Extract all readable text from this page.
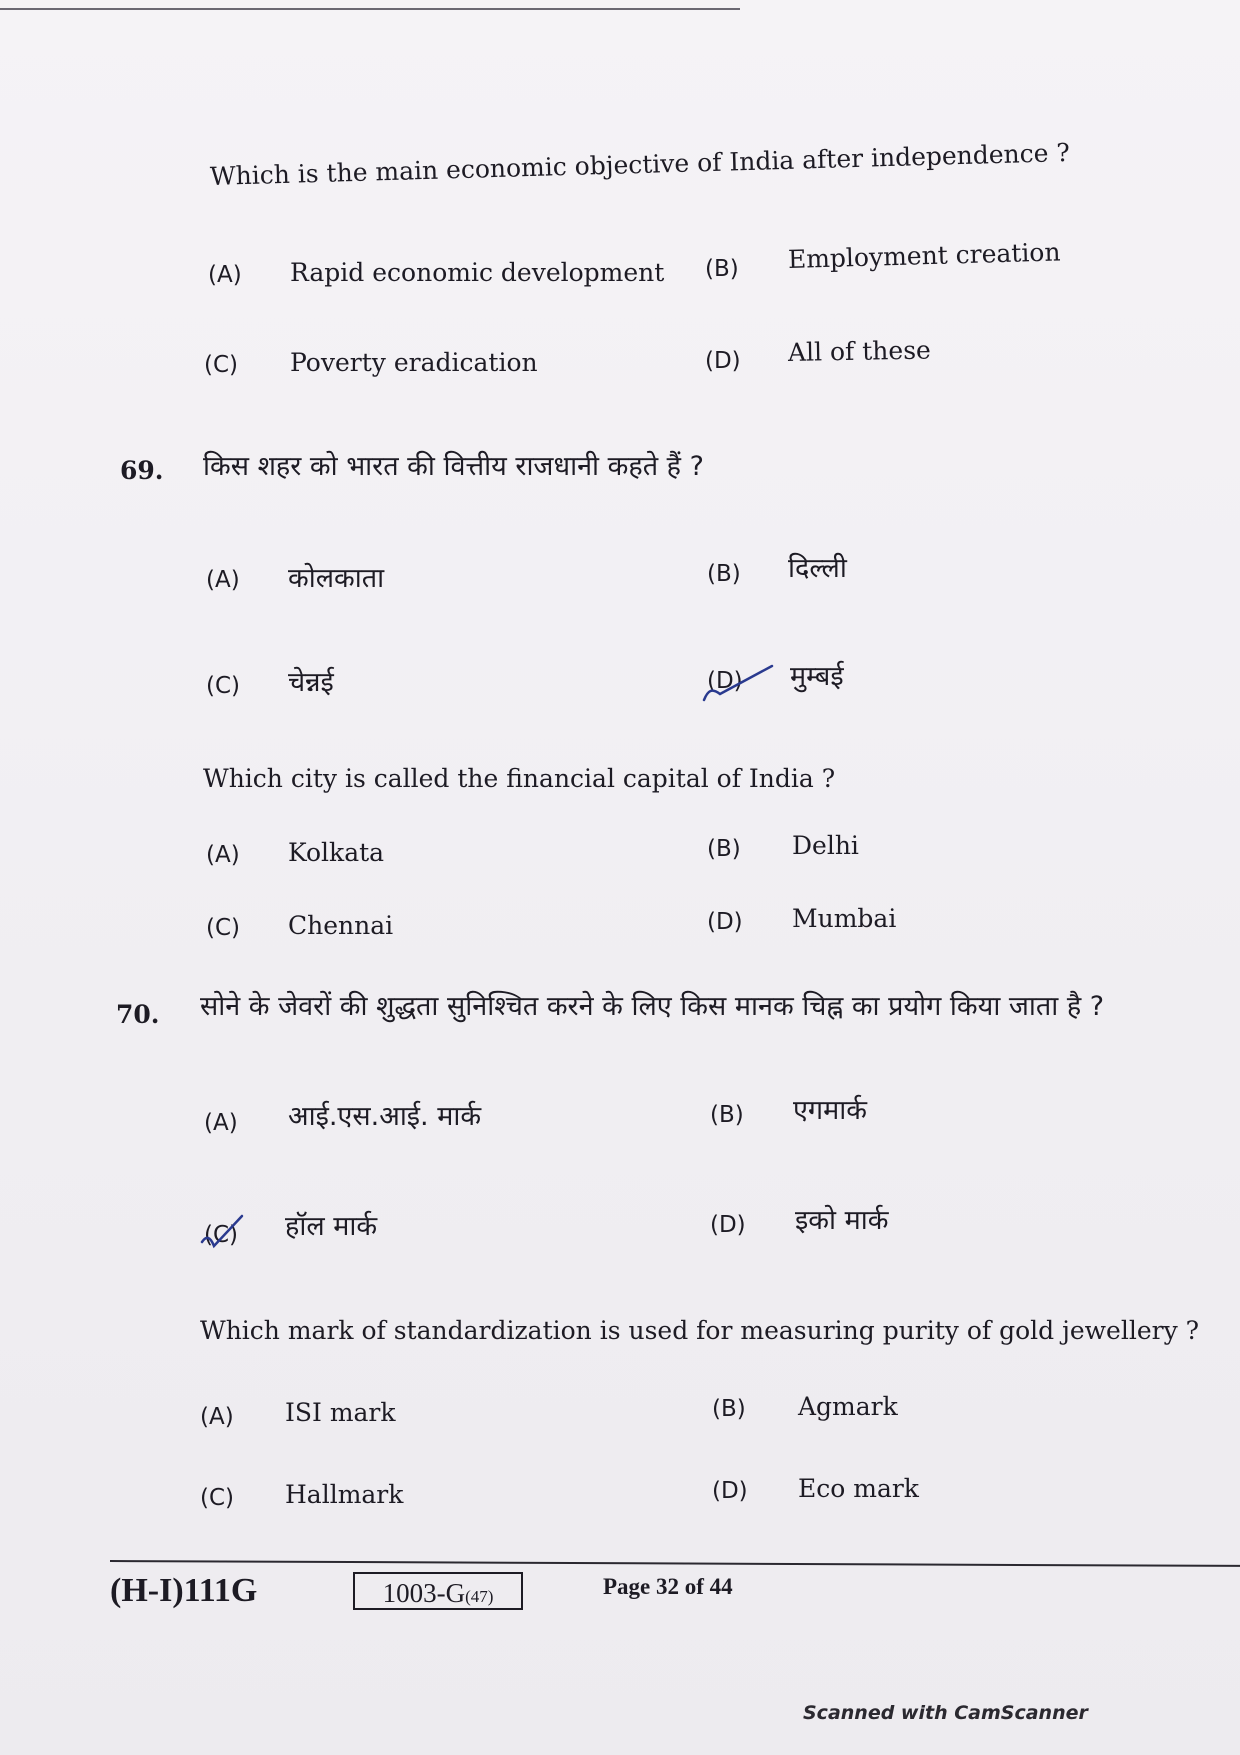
Which is the main economic objective of India after independence ?
(A) Rapid economic development (B) Employment creation
(C) Poverty eradication	(D) All of these
69. किस शहर को भारत की वित्तीय राजधानी कहते हैं ?
(A) कोलकाता	(B) दिल्ली
(C) चेन्नई	(D) मुम्बई
Which city is called the financial capital of India ?
(A) Kolkata	(B) Delhi
(C) Chennai	(D) Mumbai
70. सोने के जेवरों की शुद्धता सुनिश्चित करने के लिए किस मानक चिह्न का प्रयोग किया जाता है ?
(A) आई.एस.आई. मार्क	(B) एगमार्क
(C) हॉल मार्क	(D) इको मार्क
Which mark of standardization is used for measuring purity of gold jewellery ?
(A) ISI mark	(B) Agmark
(C) Hallmark	(D) Eco mark
(H-I)111G	1003-G(47)	Page 32 of 44
Scanned with CamScanner
